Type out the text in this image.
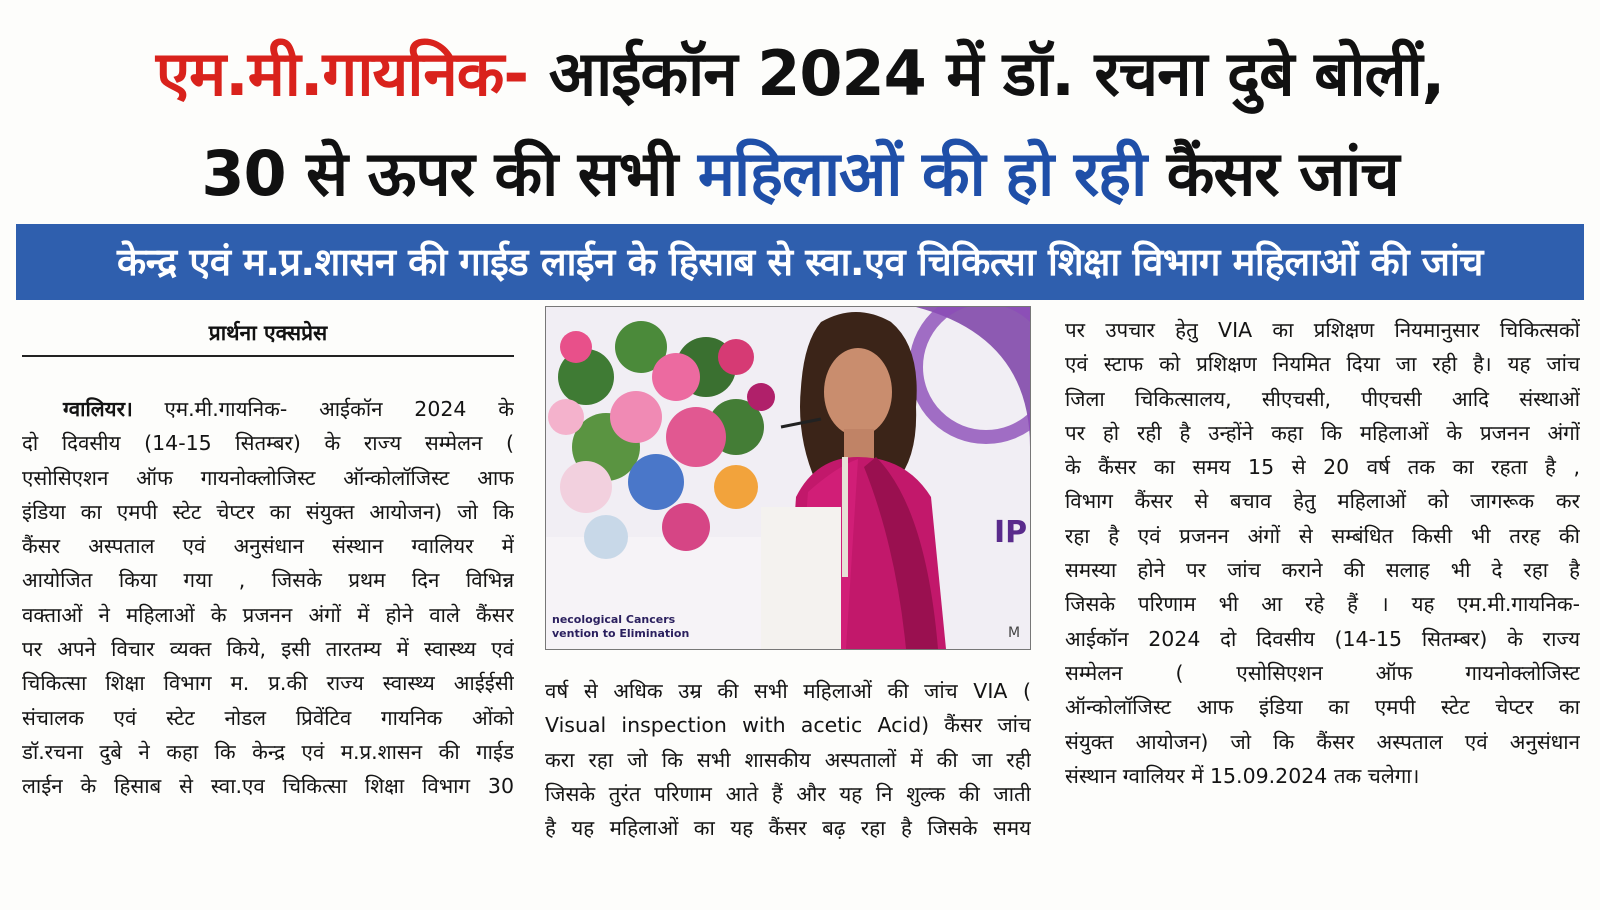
एम.मी.गायनिक- आईकॉन 2024 में डॉ. रचना दुबे बोलीं,
30 से ऊपर की सभी महिलाओं की हो रही कैंसर जांच
केन्द्र एवं म.प्र.शासन की गाईड लाईन के हिसाब से स्वा.एव चिकित्सा शिक्षा विभाग महिलाओं की जांच
प्रार्थना एक्सप्रेस
  ग्वालियर। एम.मी.गायनिक- आईकॉन 2024 के
दो दिवसीय (14-15 सितम्बर) के राज्य सम्मेलन (
एसोसिएशन ऑफ गायनोक्लोजिस्ट ऑन्कोलॉजिस्ट आफ
इंडिया का एमपी स्टेट चेप्टर का संयुक्त आयोजन) जो कि
कैंसर अस्पताल एवं अनुसंधान संस्थान ग्वालियर में
आयोजित किया गया , जिसके प्रथम दिन विभिन्न
वक्ताओं ने महिलाओं के प्रजनन अंगों में होने वाले कैंसर
पर अपने विचार व्यक्त किये, इसी तारतम्य में स्वास्थ्य एवं
चिकित्सा शिक्षा विभाग म. प्र.की राज्य स्वास्थ्य आईईसी
संचालक एवं स्टेट नोडल प्रिवेंटिव गायनिक ओंको
डॉ.रचना दुबे ने कहा कि केन्द्र एवं म.प्र.शासन की गाईड
लाईन के हिसाब से स्वा.एव चिकित्सा शिक्षा विभाग 30
necological Cancers
vention to Elimination
IP
M
वर्ष से अधिक उम्र की सभी महिलाओं की जांच VIA (
Visual inspection with acetic Acid) कैंसर जांच
करा रहा जो कि सभी शासकीय अस्पतालों में की जा रही
जिसके तुरंत परिणाम आते हैं और यह नि शुल्क की जाती
है यह महिलाओं का यह कैंसर बढ़ रहा है जिसके समय
पर उपचार हेतु VIA का प्रशिक्षण नियमानुसार चिकित्सकों
एवं स्टाफ को प्रशिक्षण नियमित दिया जा रही है। यह जांच
जिला चिकित्सालय, सीएचसी, पीएचसी आदि संस्थाओं
पर हो रही है उन्होंने कहा कि महिलाओं के प्रजनन अंगों
के कैंसर का समय 15 से 20 वर्ष तक का रहता है ,
विभाग कैंसर से बचाव हेतु महिलाओं को जागरूक कर
रहा है एवं प्रजनन अंगों से सम्बंधित किसी भी तरह की
समस्या होने पर जांच कराने की सलाह भी दे रहा है
जिसके परिणाम भी आ रहे हैं । यह एम.मी.गायनिक-
आईकॉन 2024 दो दिवसीय (14-15 सितम्बर) के राज्य
सम्मेलन ( एसोसिएशन ऑफ गायनोक्लोजिस्ट
ऑन्कोलॉजिस्ट आफ इंडिया का एमपी स्टेट चेप्टर का
संयुक्त आयोजन) जो कि कैंसर अस्पताल एवं अनुसंधान
संस्थान ग्वालियर में 15.09.2024 तक चलेगा।
